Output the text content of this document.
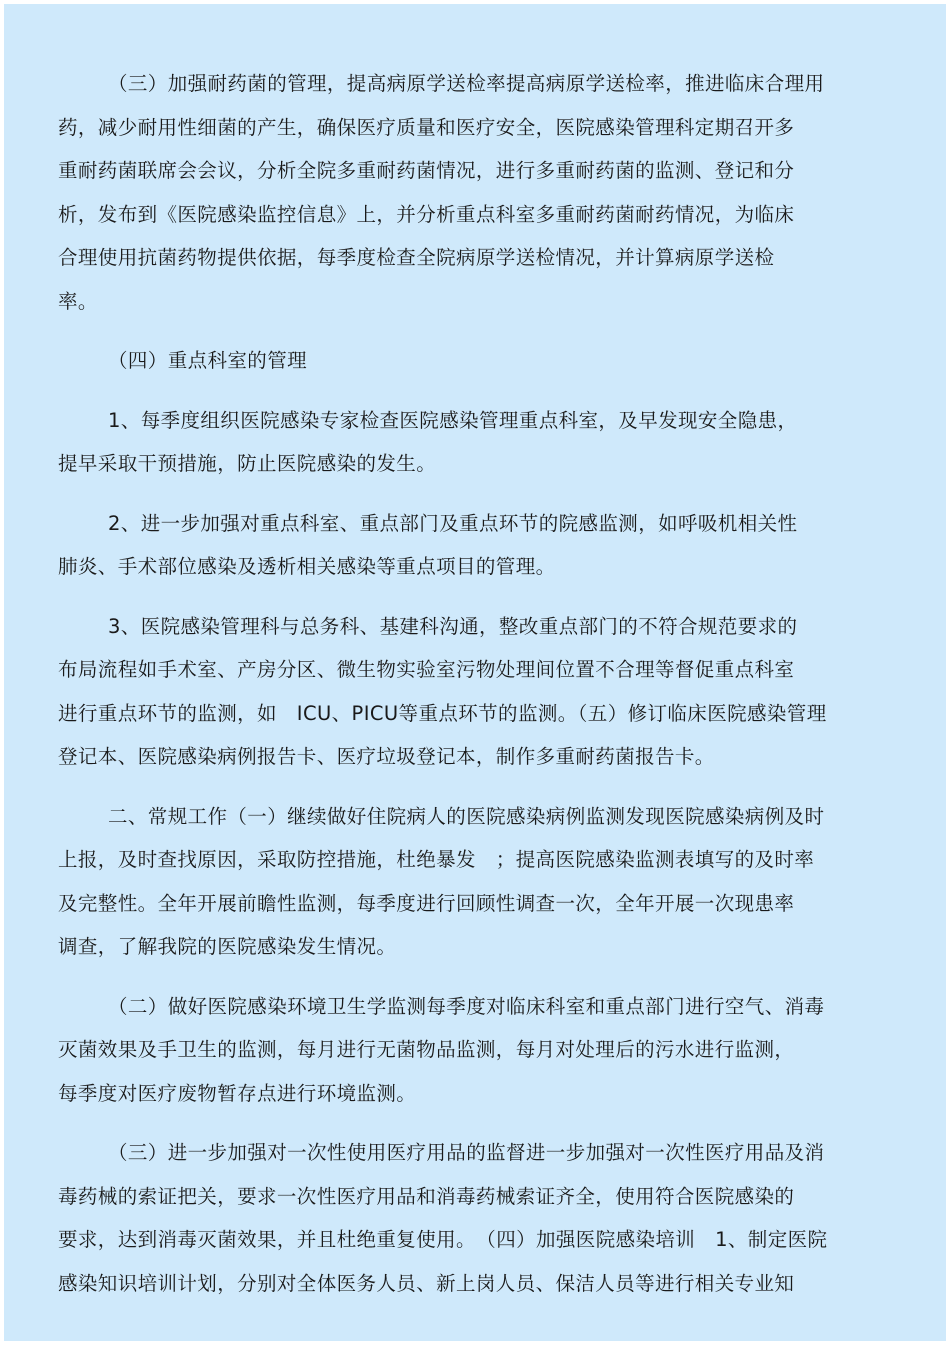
（三）加强耐药菌的管理，提高病原学送检率提高病原学送检率，推进临床合理用
药，减少耐用性细菌的产生，确保医疗质量和医疗安全，医院感染管理科定期召开多
重耐药菌联席会会议，分析全院多重耐药菌情况，进行多重耐药菌的监测、登记和分
析，发布到《医院感染监控信息》上，并分析重点科室多重耐药菌耐药情况，为临床
合理使用抗菌药物提供依据，每季度检查全院病原学送检情况，并计算病原学送检
率。
（四）重点科室的管理
1、每季度组织医院感染专家检查医院感染管理重点科室，及早发现安全隐患，
提早采取干预措施，防止医院感染的发生。
2、进一步加强对重点科室、重点部门及重点环节的院感监测，如呼吸机相关性
肺炎、手术部位感染及透析相关感染等重点项目的管理。
3、医院感染管理科与总务科、基建科沟通，整改重点部门的不符合规范要求的
布局流程如手术室、产房分区、微生物实验室污物处理间位置不合理等督促重点科室
进行重点环节的监测，如　ICU、PICU等重点环节的监测。（五）修订临床医院感染管理
登记本、医院感染病例报告卡、医疗垃圾登记本，制作多重耐药菌报告卡。
二、常规工作（一）继续做好住院病人的医院感染病例监测发现医院感染病例及时
上报，及时查找原因，采取防控措施，杜绝暴发　；提高医院感染监测表填写的及时率
及完整性。全年开展前瞻性监测，每季度进行回顾性调查一次，全年开展一次现患率
调查，了解我院的医院感染发生情况。
（二）做好医院感染环境卫生学监测每季度对临床科室和重点部门进行空气、消毒
灭菌效果及手卫生的监测，每月进行无菌物品监测，每月对处理后的污水进行监测，
每季度对医疗废物暂存点进行环境监测。
（三）进一步加强对一次性使用医疗用品的监督进一步加强对一次性医疗用品及消
毒药械的索证把关，要求一次性医疗用品和消毒药械索证齐全，使用符合医院感染的
要求，达到消毒灭菌效果，并且杜绝重复使用。　（四）加强医院感染培训　1、制定医院
感染知识培训计划，分别对全体医务人员、新上岗人员、保洁人员等进行相关专业知
